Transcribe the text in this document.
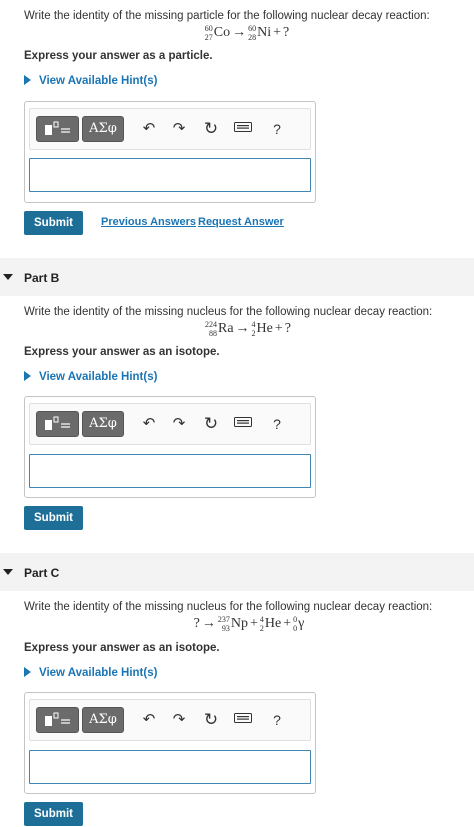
Write the identity of the missing particle for the following nuclear decay reaction:
60
27 Co → 60
28 Ni + ?
Express your answer as a particle.
View Available Hint(s)
ΑΣφ	↶	↷ ↻	?
Submit	Previous Answers Request Answer
Part B
Write the identity of the missing nucleus for the following nuclear decay reaction:
224
88 Ra → 4
2 He + ?
Express your answer as an isotope.
View Available Hint(s)
ΑΣφ	↶	↷ ↻	?
Submit
Part C
Write the identity of the missing nucleus for the following nuclear decay reaction:
? → 237
93 Np + 4
2 He + 0
0 γ
Express your answer as an isotope.
View Available Hint(s)
ΑΣφ	↶	↷ ↻	?
Submit
